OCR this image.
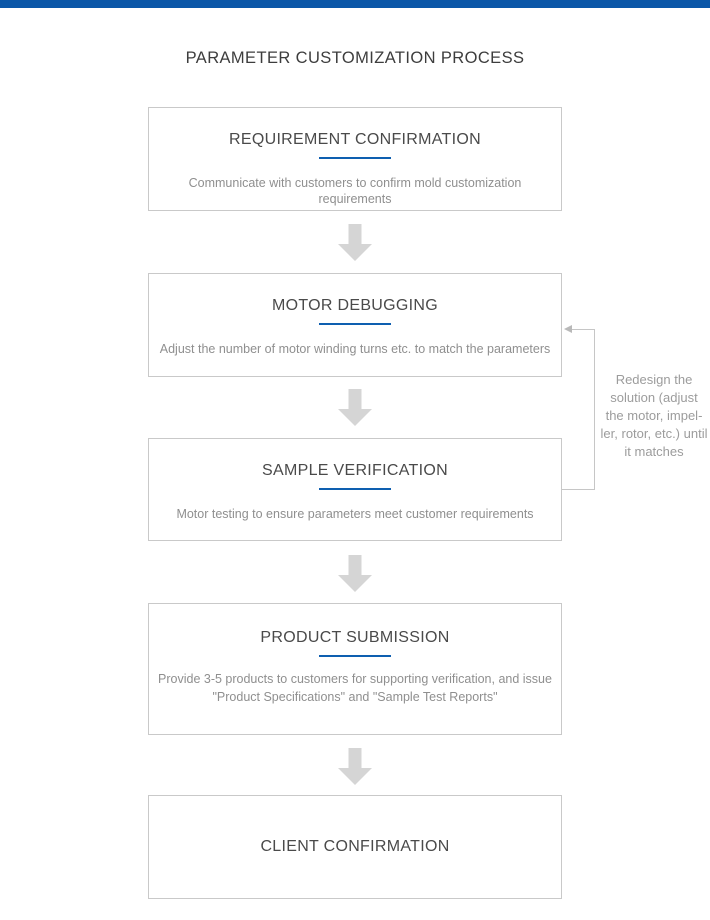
PARAMETER CUSTOMIZATION PROCESS
REQUIREMENT CONFIRMATION
Communicate with customers to confirm mold customization requirements
MOTOR DEBUGGING
Adjust the number of motor winding turns etc. to match the parameters
SAMPLE VERIFICATION
Motor testing to ensure parameters meet customer requirements
PRODUCT SUBMISSION
Provide 3-5 products to customers for supporting verification, and issue "Product Specifications" and "Sample Test Reports"
CLIENT CONFIRMATION
Redesign the
solution (adjust
the motor, impel-
ler, rotor, etc.) until
it matches
